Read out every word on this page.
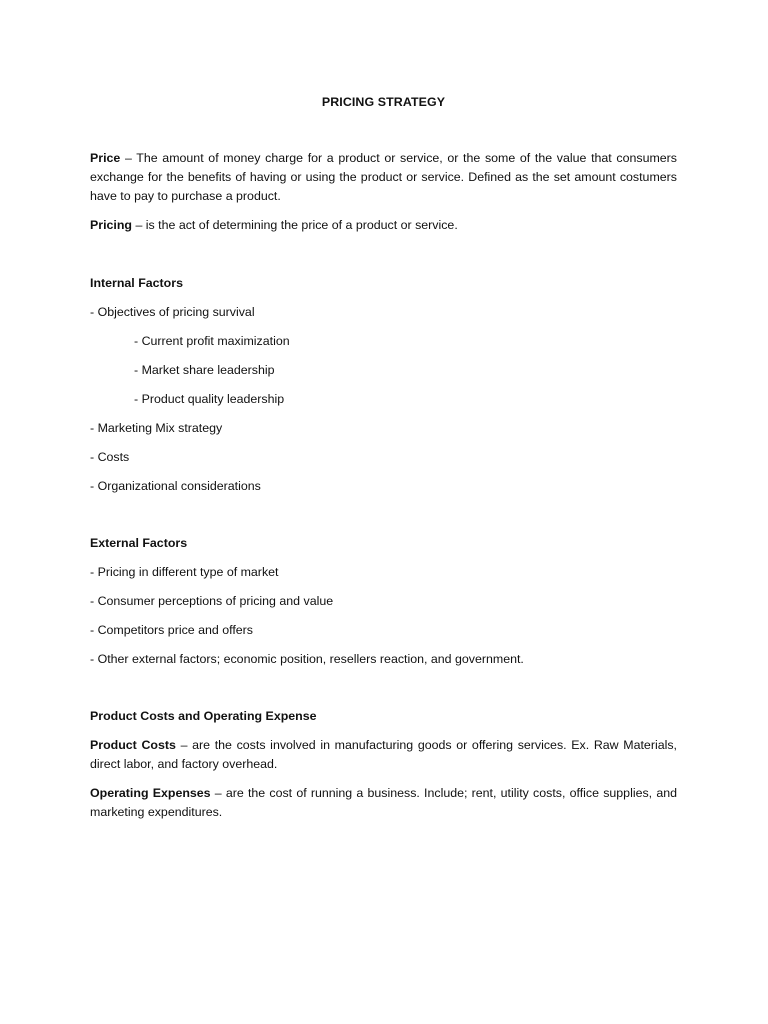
PRICING STRATEGY

Price – The amount of money charge for a product or service, or the some of the value that consumers exchange for the benefits of having or using the product or service. Defined as the set amount costumers have to pay to purchase a product.

Pricing – is the act of determining the price of a product or service.

Internal Factors

- Objectives of pricing survival

- Current profit maximization

- Market share leadership

- Product quality leadership

- Marketing Mix strategy

- Costs

- Organizational considerations

External Factors

- Pricing in different type of market

- Consumer perceptions of pricing and value

- Competitors price and offers

- Other external factors; economic position, resellers reaction, and government.

Product Costs and Operating Expense

Product Costs – are the costs involved in manufacturing goods or offering services. Ex. Raw Materials, direct labor, and factory overhead.

Operating Expenses – are the cost of running a business. Include; rent, utility costs, office supplies, and marketing expenditures.
